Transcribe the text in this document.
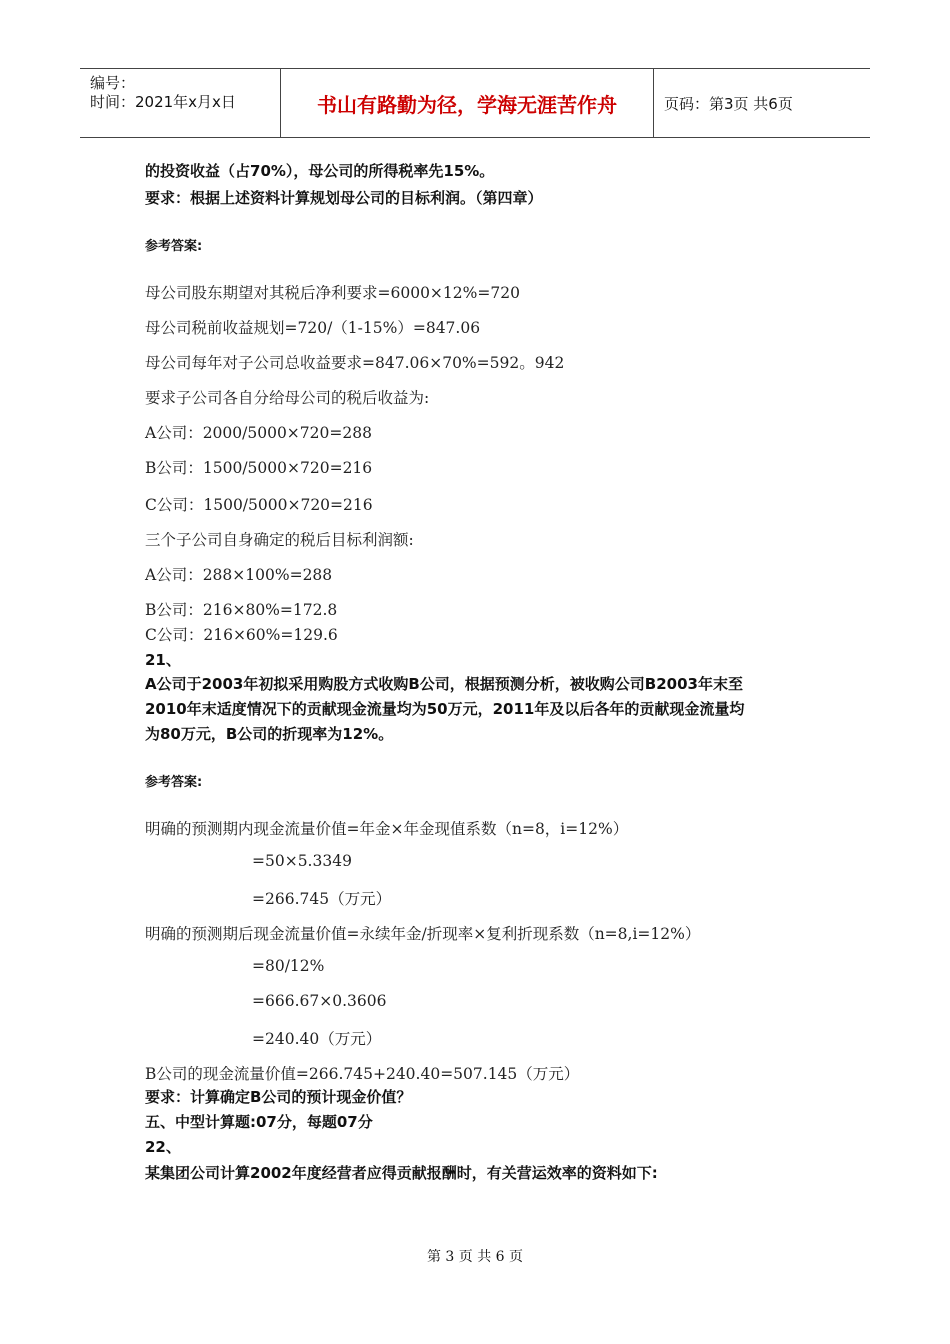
编号：
时间：2021年x月x日	书山有路勤为径，学海无涯苦作舟	页码：第3页 共6页
的投资收益（占70%），母公司的所得税率先15%。
要求：根据上述资料计算规划母公司的目标利润。（第四章）
参考答案:
母公司股东期望对其税后净利要求=6000×12%=720
母公司税前收益规划=720/（1-15%）=847.06
母公司每年对子公司总收益要求=847.06×70%=592。942
要求子公司各自分给母公司的税后收益为:
A公司：2000/5000×720=288
B公司：1500/5000×720=216
C公司：1500/5000×720=216
三个子公司自身确定的税后目标利润额:
A公司：288×100%=288
B公司：216×80%=172.8
C公司：216×60%=129.6
21、
A公司于2003年初拟采用购股方式收购B公司，根据预测分析，被收购公司B2003年末至
2010年末适度情况下的贡献现金流量均为50万元，2011年及以后各年的贡献现金流量均
为80万元，B公司的折现率为12%。
参考答案:
明确的预测期内现金流量价值=年金×年金现值系数（n=8，i=12%）
=50×5.3349
=266.745（万元）
明确的预测期后现金流量价值=永续年金/折现率×复利折现系数（n=8,i=12%）
=80/12%
=666.67×0.3606
=240.40（万元）
B公司的现金流量价值=266.745+240.40=507.145（万元）
要求：计算确定B公司的预计现金价值？
五、中型计算题:07分，每题07分
22、
某集团公司计算2002年度经营者应得贡献报酬时，有关营运效率的资料如下:
第 3 页 共 6 页
